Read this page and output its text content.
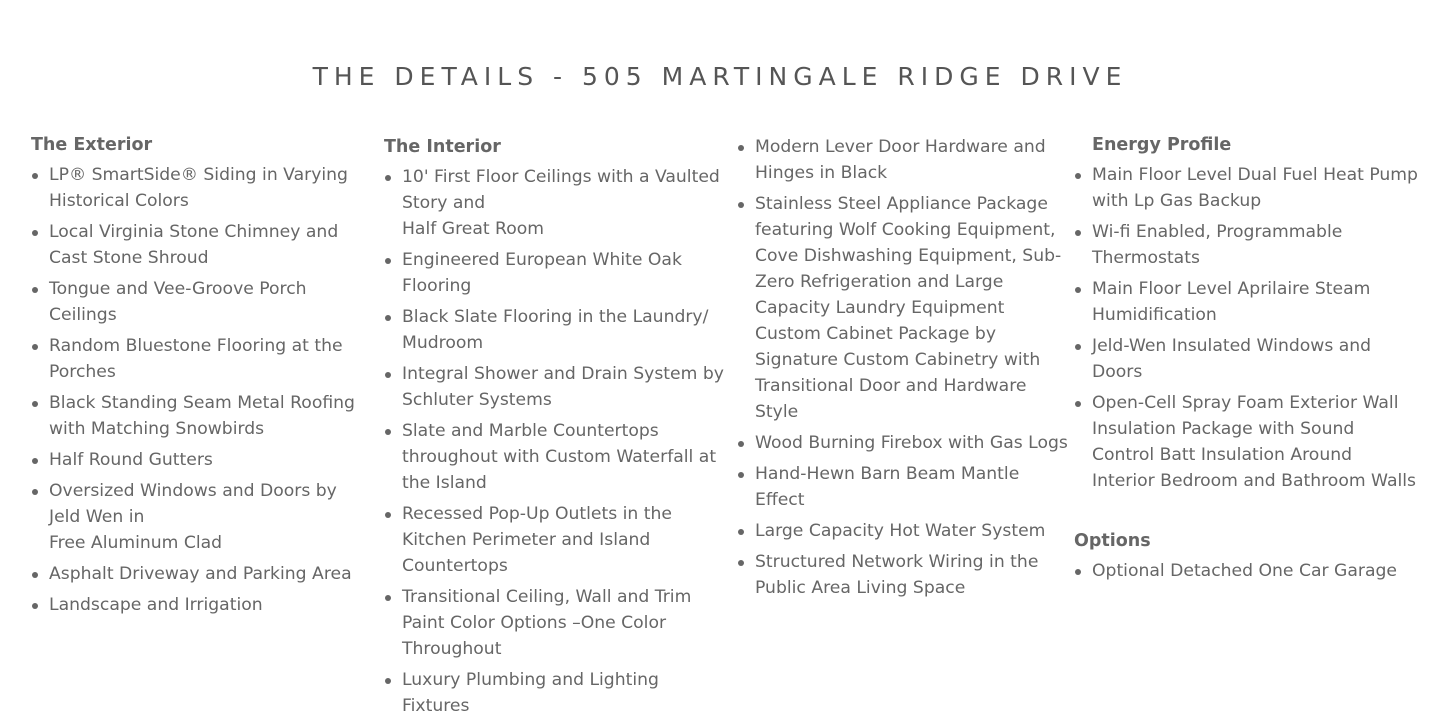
THE DETAILS - 505 MARTINGALE RIDGE DRIVE
The Exterior
LP® SmartSide® Siding in Varying Historical Colors
Local Virginia Stone Chimney and Cast Stone Shroud
Tongue and Vee-Groove Porch Ceilings
Random Bluestone Flooring at the Porches
Black Standing Seam Metal Roofing with Matching Snowbirds
Half Round Gutters
Oversized Windows and Doors by Jeld Wen in
Free Aluminum Clad
Asphalt Driveway and Parking Area
Landscape and Irrigation
The Interior
10' First Floor Ceilings with a Vaulted Story and
Half Great Room
Engineered European White Oak Flooring
Black Slate Flooring in the Laundry/ Mudroom
Integral Shower and Drain System by Schluter Systems
Slate and Marble Countertops throughout with Custom Waterfall at the Island
Recessed Pop-Up Outlets in the Kitchen Perimeter and Island Countertops
Transitional Ceiling, Wall and Trim Paint Color Options –One Color Throughout
Luxury Plumbing and Lighting Fixtures
Modern Lever Door Hardware and Hinges in Black
Stainless Steel Appliance Package featuring Wolf Cooking Equipment,
Cove Dishwashing Equipment, Sub-Zero Refrigeration and Large Capacity Laundry Equipment
Custom Cabinet Package by Signature Custom Cabinetry with Transitional Door and Hardware Style
Wood Burning Firebox with Gas Logs
Hand-Hewn Barn Beam Mantle Effect
Large Capacity Hot Water System
Structured Network Wiring in the Public Area Living Space
Energy Profile
Main Floor Level Dual Fuel Heat Pump with Lp Gas Backup
Wi-fi Enabled, Programmable Thermostats
Main Floor Level Aprilaire Steam Humidification
Jeld-Wen Insulated Windows and Doors
Open-Cell Spray Foam Exterior Wall Insulation Package with Sound Control Batt Insulation Around Interior Bedroom and Bathroom Walls
Options
Optional Detached One Car Garage
